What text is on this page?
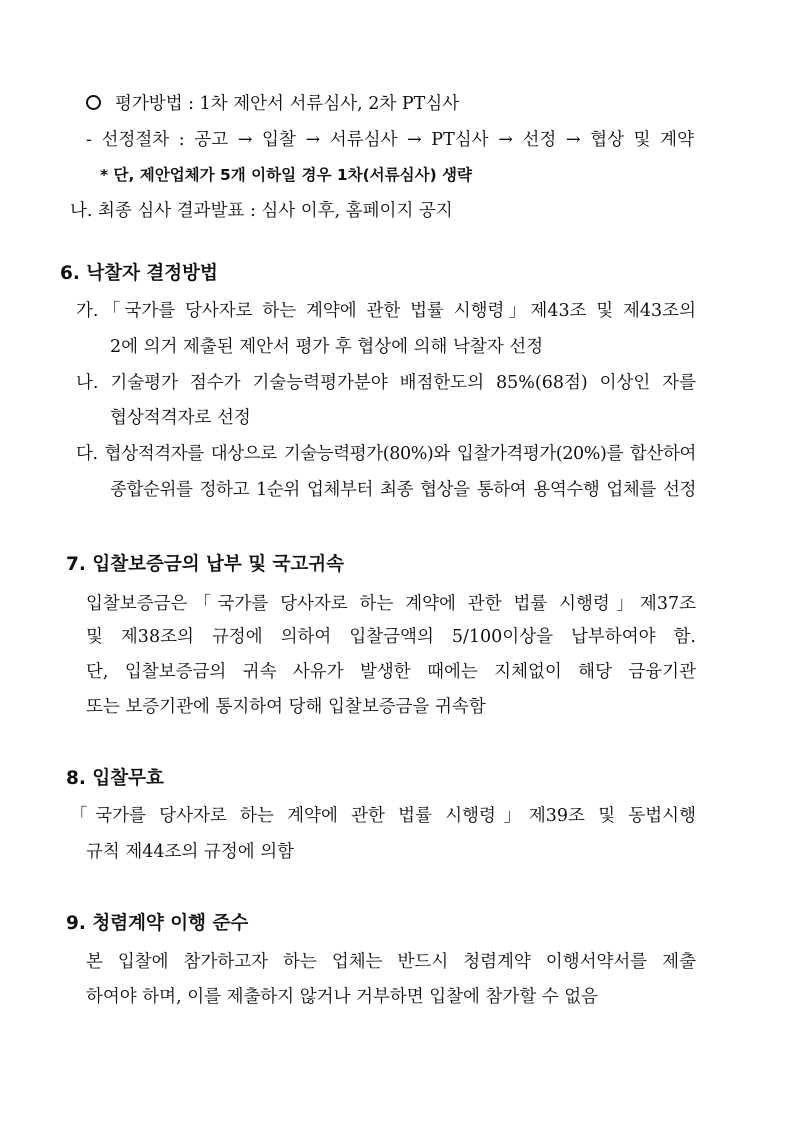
평가방법 : 1차 제안서 서류심사, 2차 PT심사
- 선정절차 : 공고 → 입찰 → 서류심사 → PT심사 → 선정 → 협상 및 계약
* 단, 제안업체가 5개 이하일 경우 1차(서류심사) 생략
나. 최종 심사 결과발표 : 심사 이후, 홈페이지 공지
6. 낙찰자 결정방법
가.「국가를 당사자로 하는 계약에 관한 법률 시행령」제43조 및 제43조의
2에 의거 제출된 제안서 평가 후 협상에 의해 낙찰자 선정
나. 기술평가 점수가 기술능력평가분야 배점한도의 85%(68점) 이상인 자를
협상적격자로 선정
다. 협상적격자를 대상으로 기술능력평가(80%)와 입찰가격평가(20%)를 합산하여
종합순위를 정하고 1순위 업체부터 최종 협상을 통하여 용역수행 업체를 선정
7. 입찰보증금의 납부 및 국고귀속
입찰보증금은「국가를 당사자로 하는 계약에 관한 법률 시행령」제37조
및 제38조의 규정에 의하여 입찰금액의 5/100이상을 납부하여야 함.
단, 입찰보증금의 귀속 사유가 발생한 때에는 지체없이 해당 금융기관
또는 보증기관에 통지하여 당해 입찰보증금을 귀속함
8. 입찰무효
「국가를 당사자로 하는 계약에 관한 법률 시행령」제39조 및 동법시행
규칙 제44조의 규정에 의함
9. 청렴계약 이행 준수
본 입찰에 참가하고자 하는 업체는 반드시 청렴계약 이행서약서를 제출
하여야 하며, 이를 제출하지 않거나 거부하면 입찰에 참가할 수 없음
